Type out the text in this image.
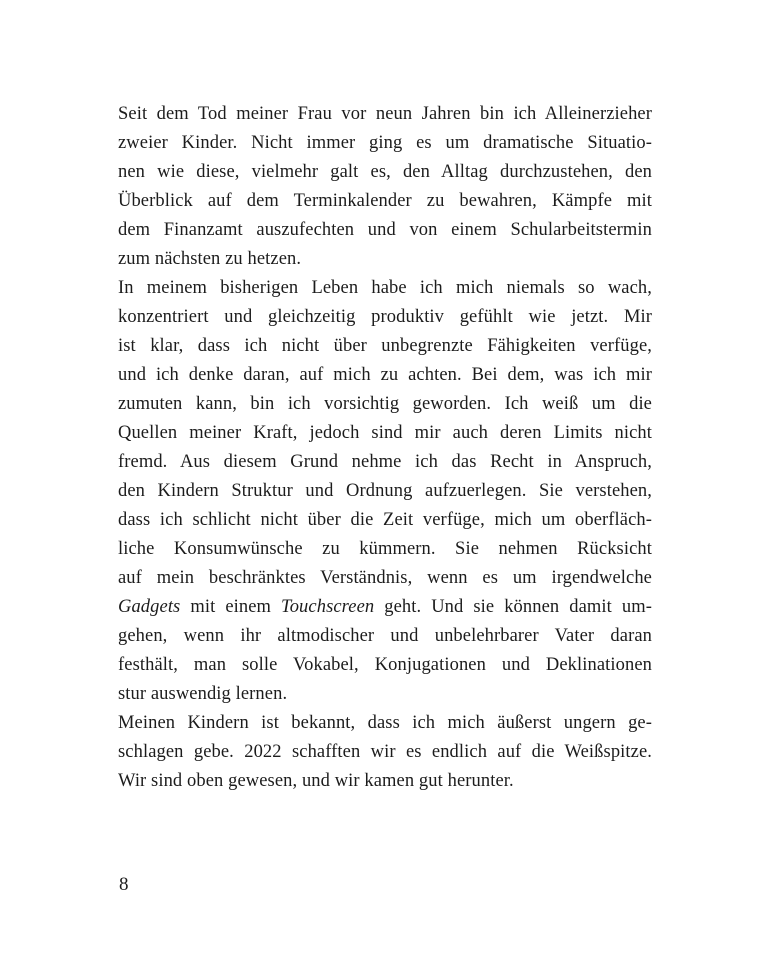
Seit dem Tod meiner Frau vor neun Jahren bin ich Alleinerzieher
zweier Kinder. Nicht immer ging es um dramatische Situatio-
nen wie diese, vielmehr galt es, den Alltag durchzustehen, den
Überblick auf dem Terminkalender zu bewahren, Kämpfe mit
dem Finanzamt auszufechten und von einem Schularbeitstermin
zum nächsten zu hetzen.
In meinem bisherigen Leben habe ich mich niemals so wach,
konzentriert und gleichzeitig produktiv gefühlt wie jetzt. Mir
ist klar, dass ich nicht über unbegrenzte Fähigkeiten verfüge,
und ich denke daran, auf mich zu achten. Bei dem, was ich mir
zumuten kann, bin ich vorsichtig geworden. Ich weiß um die
Quellen meiner Kraft, jedoch sind mir auch deren Limits nicht
fremd. Aus diesem Grund nehme ich das Recht in Anspruch,
den Kindern Struktur und Ordnung aufzuerlegen. Sie verstehen,
dass ich schlicht nicht über die Zeit verfüge, mich um oberfläch-
liche Konsumwünsche zu kümmern. Sie nehmen Rücksicht
auf mein beschränktes Verständnis, wenn es um irgendwelche
Gadgets mit einem Touchscreen geht. Und sie können damit um-
gehen, wenn ihr altmodischer und unbelehrbarer Vater daran
festhält, man solle Vokabel, Konjugationen und Deklinationen
stur auswendig lernen.
Meinen Kindern ist bekannt, dass ich mich äußerst ungern ge-
schlagen gebe. 2022 schafften wir es endlich auf die Weißspitze.
Wir sind oben gewesen, und wir kamen gut herunter.
8
